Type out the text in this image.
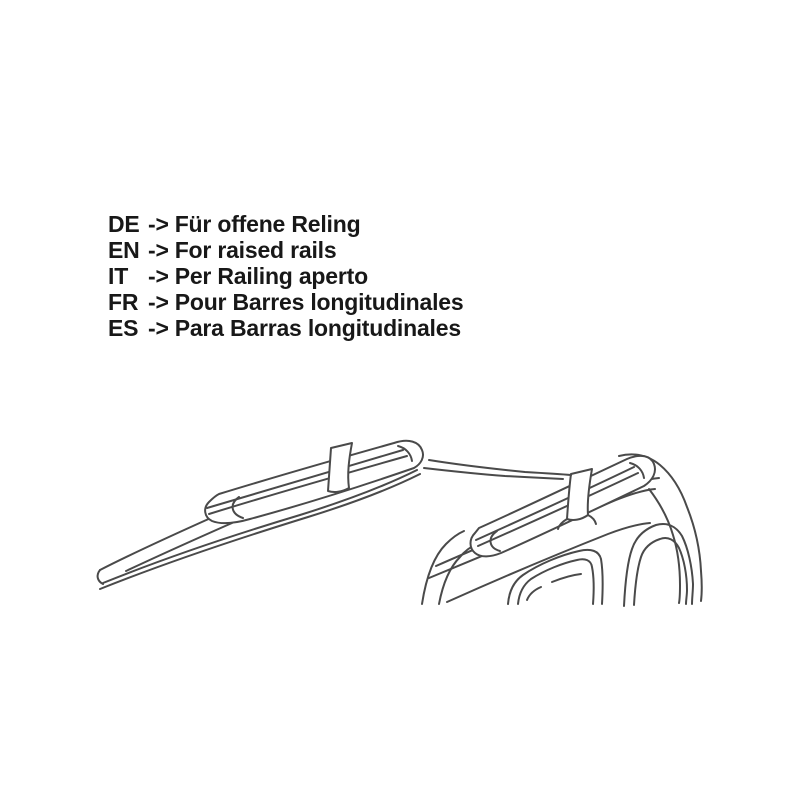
DE -> Für offene Reling
EN -> For raised rails
IT -> Per Railing aperto
FR -> Pour Barres longitudinales
ES -> Para Barras longitudinales
